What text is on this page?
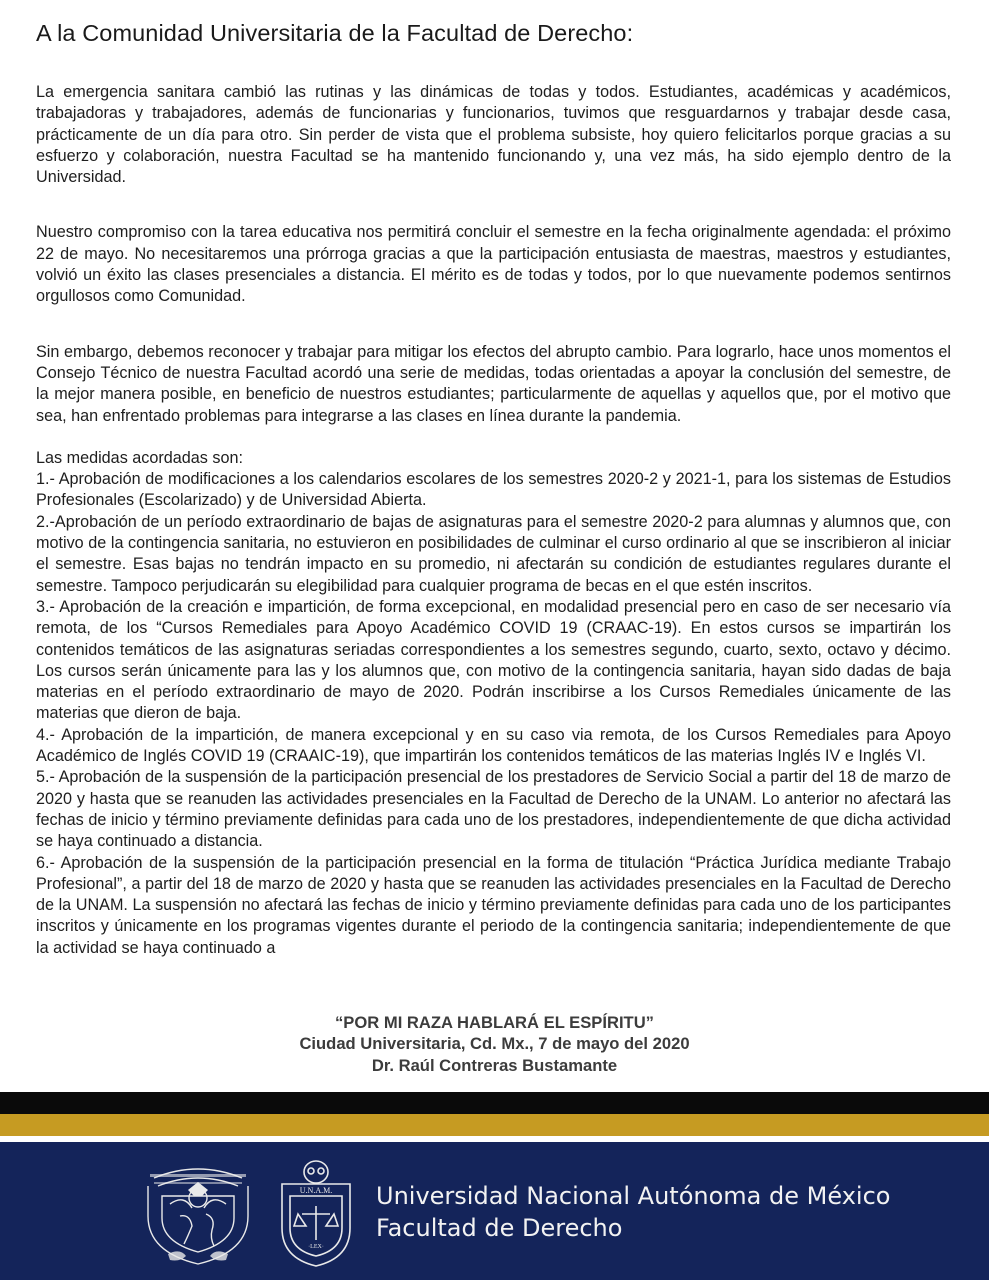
A la Comunidad Universitaria de la Facultad de Derecho:

La emergencia sanitara cambió las rutinas y las dinámicas de todas y todos. Estudiantes, académicas y académicos, trabajadoras y trabajadores, además de funcionarias y funcionarios, tuvimos que resguardarnos y trabajar desde casa, prácticamente de un día para otro. Sin perder de vista que el problema subsiste, hoy quiero felicitarlos porque gracias a su esfuerzo y colaboración, nuestra Facultad se ha mantenido funcionando y, una vez más, ha sido ejemplo dentro de la Universidad.

Nuestro compromiso con la tarea educativa nos permitirá concluir el semestre en la fecha originalmente agendada: el próximo 22 de mayo. No necesitaremos una prórroga gracias a que la participación entusiasta de maestras, maestros y estudiantes, volvió un éxito las clases presenciales a distancia. El mérito es de todas y todos, por lo que nuevamente podemos sentirnos orgullosos como Comunidad.

Sin embargo, debemos reconocer y trabajar para mitigar los efectos del abrupto cambio. Para lograrlo, hace unos momentos el Consejo Técnico de nuestra Facultad acordó una serie de medidas, todas orientadas a apoyar la conclusión del semestre, de la mejor manera posible, en beneficio de nuestros estudiantes; particularmente de aquellas y aquellos que, por el motivo que sea, han enfrentado problemas para integrarse a las clases en línea durante la pandemia.

Las medidas acordadas son:

1.- Aprobación de modificaciones a los calendarios escolares de los semestres 2020-2 y 2021-1, para los sistemas de Estudios Profesionales (Escolarizado) y de Universidad Abierta.

2.-Aprobación de un período extraordinario de bajas de asignaturas para el semestre 2020-2 para alumnas y alumnos que, con motivo de la contingencia sanitaria, no estuvieron en posibilidades de culminar el curso ordinario al que se inscribieron al iniciar el semestre. Esas bajas no tendrán impacto en su promedio, ni afectarán su condición de estudiantes regulares durante el semestre. Tampoco perjudicarán su elegibilidad para cualquier programa de becas en el que estén inscritos.

3.- Aprobación de la creación e impartición, de forma excepcional, en modalidad presencial pero en caso de ser necesario vía remota, de los “Cursos Remediales para Apoyo Académico COVID 19 (CRAAC-19). En estos cursos se impartirán los contenidos temáticos de las asignaturas seriadas correspondientes a los semestres segundo, cuarto, sexto, octavo y décimo. Los cursos serán únicamente para las y los alumnos que, con motivo de la contingencia sanitaria, hayan sido dadas de baja materias en el período extraordinario de mayo de 2020. Podrán inscribirse a los Cursos Remediales únicamente de las materias que dieron de baja.

4.- Aprobación de la impartición, de manera excepcional y en su caso via remota, de los Cursos Remediales para Apoyo Académico de Inglés COVID 19 (CRAAIC-19), que impartirán los contenidos temáticos de las materias Inglés IV e Inglés VI.

5.- Aprobación de la suspensión de la participación presencial de los prestadores de Servicio Social a partir del 18 de marzo de 2020 y hasta que se reanuden las actividades presenciales en la Facultad de Derecho de la UNAM. Lo anterior no afectará las fechas de inicio y término previamente definidas para cada uno de los prestadores, independientemente de que dicha actividad se haya continuado a distancia.

6.- Aprobación de la suspensión de la participación presencial en la forma de titulación “Práctica Jurídica mediante Trabajo Profesional”, a partir del 18 de marzo de 2020 y hasta que se reanuden las actividades presenciales en la Facultad de Derecho de la UNAM. La suspensión no afectará las fechas de inicio y término previamente definidas para cada uno de los participantes inscritos y únicamente en los programas vigentes durante el periodo de la contingencia sanitaria; independientemente de que la actividad se haya continuado a

“POR MI RAZA HABLARÁ EL ESPÍRITU”

Ciudad Universitaria, Cd. Mx., 7 de mayo del 2020

Dr. Raúl Contreras Bustamante

U.N.A.M.
·LEX·
Universidad Nacional Autónoma de México
Facultad de Derecho
